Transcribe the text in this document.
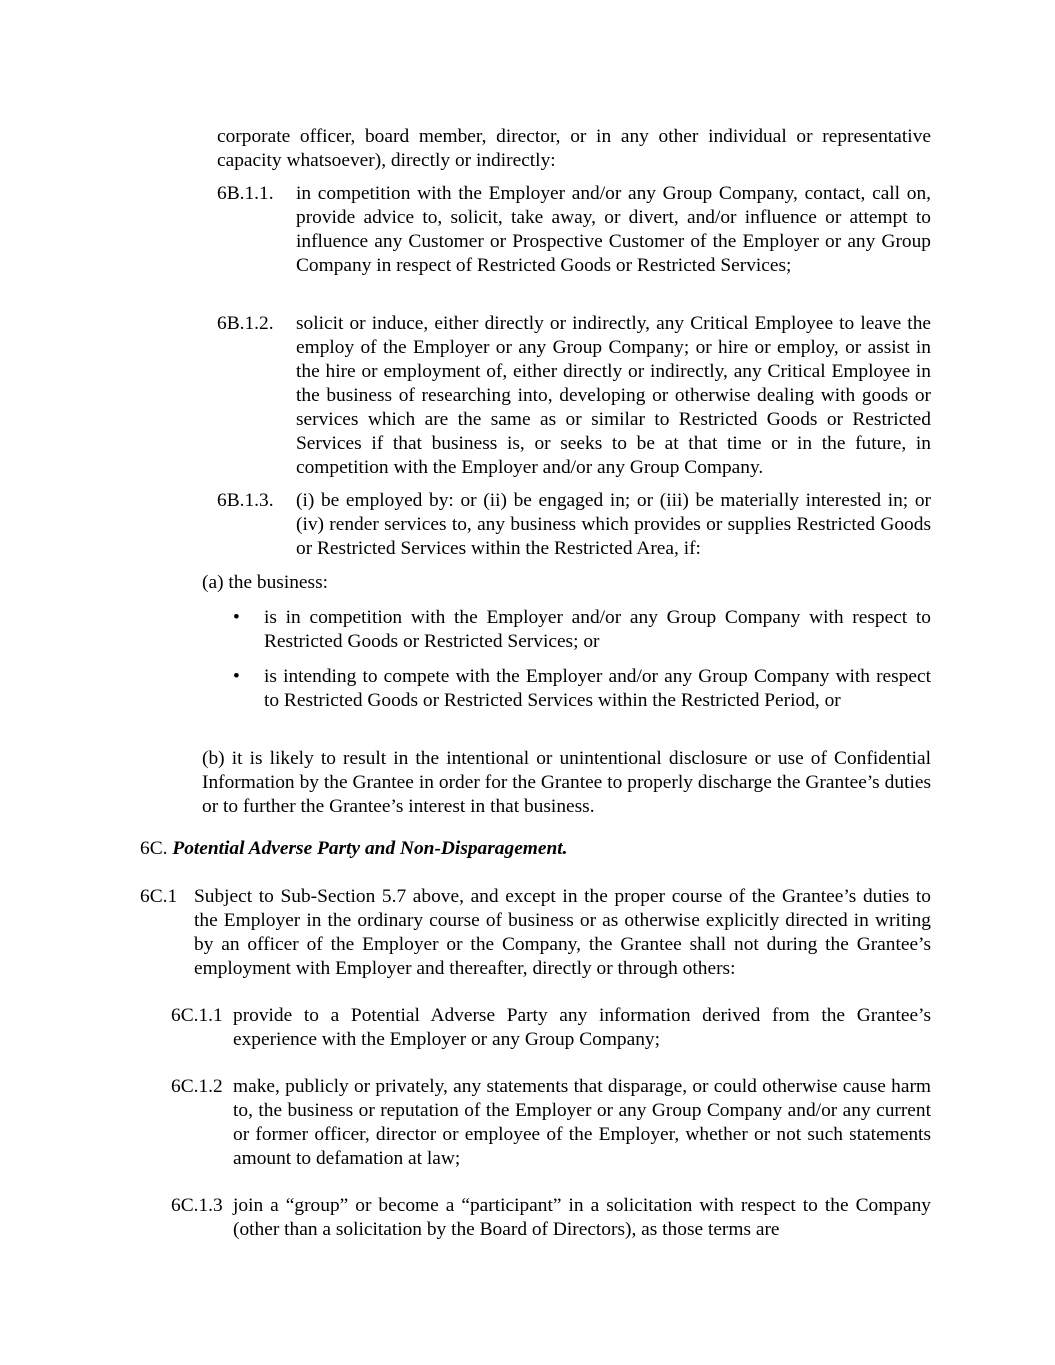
corporate officer, board member, director, or in any other individual or representative capacity whatsoever), directly or indirectly:

6B.1.1. in competition with the Employer and/or any Group Company, contact, call on, provide advice to, solicit, take away, or divert, and/or influence or attempt to influence any Customer or Prospective Customer of the Employer or any Group Company in respect of Restricted Goods or Restricted Services;

6B.1.2. solicit or induce, either directly or indirectly, any Critical Employee to leave the employ of the Employer or any Group Company; or hire or employ, or assist in the hire or employment of, either directly or indirectly, any Critical Employee in the business of researching into, developing or otherwise dealing with goods or services which are the same as or similar to Restricted Goods or Restricted Services if that business is, or seeks to be at that time or in the future, in competition with the Employer and/or any Group Company.

6B.1.3. (i) be employed by: or (ii) be engaged in; or (iii) be materially interested in; or (iv) render services to, any business which provides or supplies Restricted Goods or Restricted Services within the Restricted Area, if:

(a) the business:

• is in competition with the Employer and/or any Group Company with respect to Restricted Goods or Restricted Services; or

• is intending to compete with the Employer and/or any Group Company with respect to Restricted Goods or Restricted Services within the Restricted Period, or

(b) it is likely to result in the intentional or unintentional disclosure or use of Confidential Information by the Grantee in order for the Grantee to properly discharge the Grantee’s duties or to further the Grantee’s interest in that business.

6C. Potential Adverse Party and Non-Disparagement.

6C.1 Subject to Sub-Section 5.7 above, and except in the proper course of the Grantee’s duties to the Employer in the ordinary course of business or as otherwise explicitly directed in writing by an officer of the Employer or the Company, the Grantee shall not during the Grantee’s employment with Employer and thereafter, directly or through others:

6C.1.1 provide to a Potential Adverse Party any information derived from the Grantee’s experience with the Employer or any Group Company;

6C.1.2 make, publicly or privately, any statements that disparage, or could otherwise cause harm to, the business or reputation of the Employer or any Group Company and/or any current or former officer, director or employee of the Employer, whether or not such statements amount to defamation at law;

6C.1.3 join a “group” or become a “participant” in a solicitation with respect to the Company (other than a solicitation by the Board of Directors), as those terms are
